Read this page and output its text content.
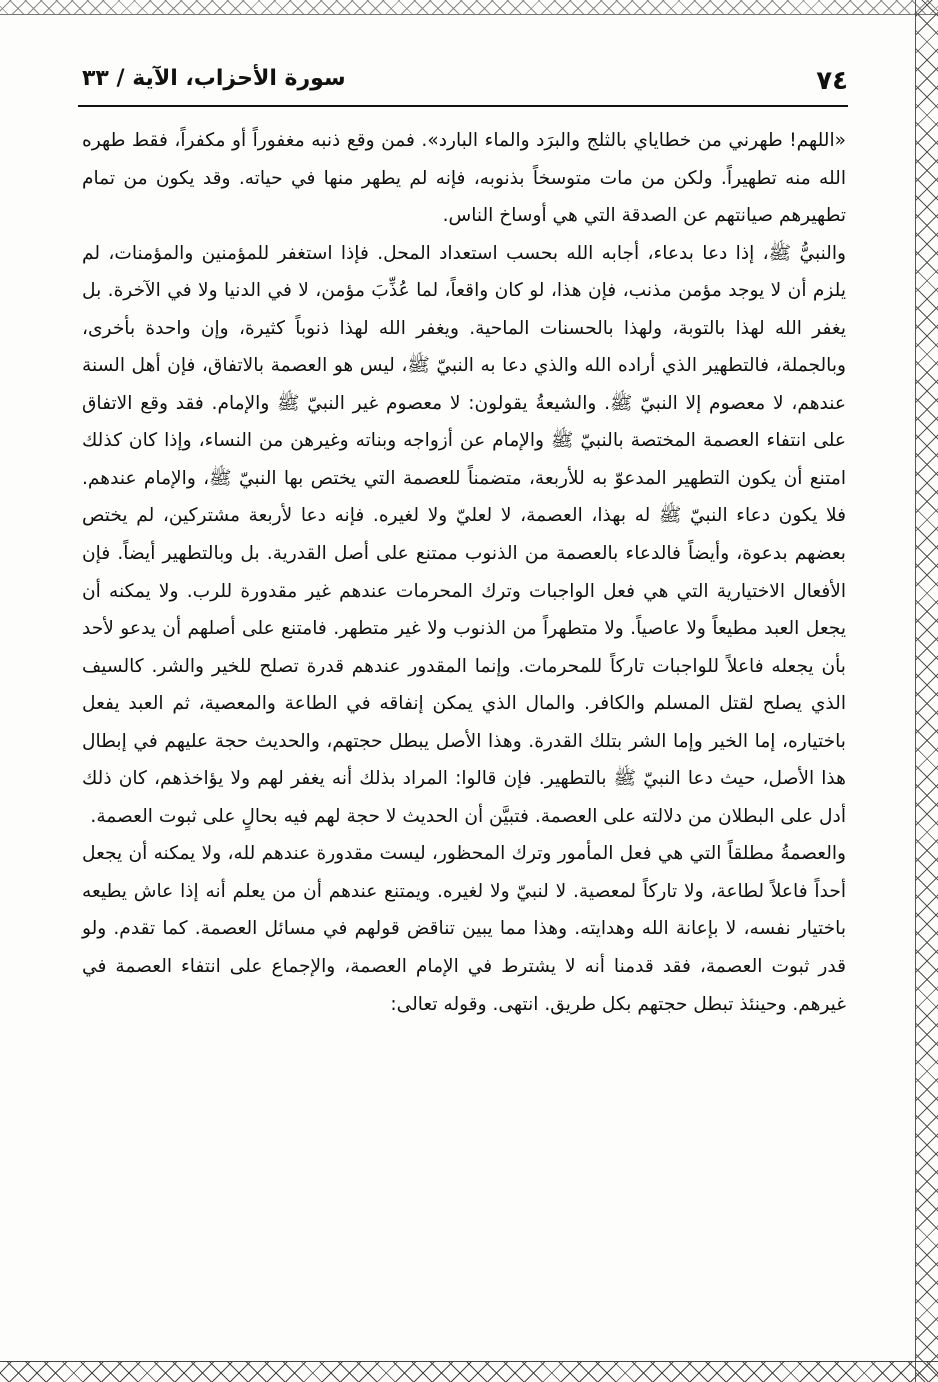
٧٤
سورة الأحزاب، الآية / ٣٣

«اللهم! طهرني من خطاياي بالثلج والبرَد والماء البارد». فمن وقع ذنبه مغفوراً أو مكفراً، فقط طهره الله منه تطهيراً. ولكن من مات متوسخاً بذنوبه، فإنه لم يطهر منها في حياته. وقد يكون من تمام تطهيرهم صيانتهم عن الصدقة التي هي أوساخ الناس.

والنبيُّ ﷺ، إذا دعا بدعاء، أجابه الله بحسب استعداد المحل. فإذا استغفر للمؤمنين والمؤمنات، لم يلزم أن لا يوجد مؤمن مذنب، فإن هذا، لو كان واقعاً، لما عُذِّبَ مؤمن، لا في الدنيا ولا في الآخرة. بل يغفر الله لهذا بالتوبة، ولهذا بالحسنات الماحية. ويغفر الله لهذا ذنوباً كثيرة، وإن واحدة بأخرى، وبالجملة، فالتطهير الذي أراده الله والذي دعا به النبيّ ﷺ، ليس هو العصمة بالاتفاق، فإن أهل السنة عندهم، لا معصوم إلا النبيّ ﷺ. والشيعةُ يقولون: لا معصوم غير النبيّ ﷺ والإمام. فقد وقع الاتفاق على انتفاء العصمة المختصة بالنبيّ ﷺ والإمام عن أزواجه وبناته وغيرهن من النساء، وإذا كان كذلك امتنع أن يكون التطهير المدعوّ به للأربعة، متضمناً للعصمة التي يختص بها النبيّ ﷺ، والإمام عندهم. فلا يكون دعاء النبيّ ﷺ له بهذا، العصمة، لا لعليّ ولا لغيره. فإنه دعا لأربعة مشتركين، لم يختص بعضهم بدعوة، وأيضاً فالدعاء بالعصمة من الذنوب ممتنع على أصل القدرية. بل وبالتطهير أيضاً. فإن الأفعال الاختيارية التي هي فعل الواجبات وترك المحرمات عندهم غير مقدورة للرب. ولا يمكنه أن يجعل العبد مطيعاً ولا عاصياً. ولا متطهراً من الذنوب ولا غير متطهر. فامتنع على أصلهم أن يدعو لأحد بأن يجعله فاعلاً للواجبات تاركاً للمحرمات. وإنما المقدور عندهم قدرة تصلح للخير والشر. كالسيف الذي يصلح لقتل المسلم والكافر. والمال الذي يمكن إنفاقه في الطاعة والمعصية، ثم العبد يفعل باختياره، إما الخير وإما الشر بتلك القدرة. وهذا الأصل يبطل حجتهم، والحديث حجة عليهم في إبطال هذا الأصل، حيث دعا النبيّ ﷺ بالتطهير. فإن قالوا: المراد بذلك أنه يغفر لهم ولا يؤاخذهم، كان ذلك أدل على البطلان من دلالته على العصمة. فتبيَّن أن الحديث لا حجة لهم فيه بحالٍ على ثبوت العصمة.

والعصمةُ مطلقاً التي هي فعل المأمور وترك المحظور، ليست مقدورة عندهم لله، ولا يمكنه أن يجعل أحداً فاعلاً لطاعة، ولا تاركاً لمعصية. لا لنبيّ ولا لغيره. ويمتنع عندهم أن من يعلم أنه إذا عاش يطيعه باختيار نفسه، لا بإعانة الله وهدايته. وهذا مما يبين تناقض قولهم في مسائل العصمة. كما تقدم. ولو قدر ثبوت العصمة، فقد قدمنا أنه لا يشترط في الإمام العصمة، والإجماع على انتفاء العصمة في غيرهم. وحينئذ تبطل حجتهم بكل طريق. انتهى. وقوله تعالى:
